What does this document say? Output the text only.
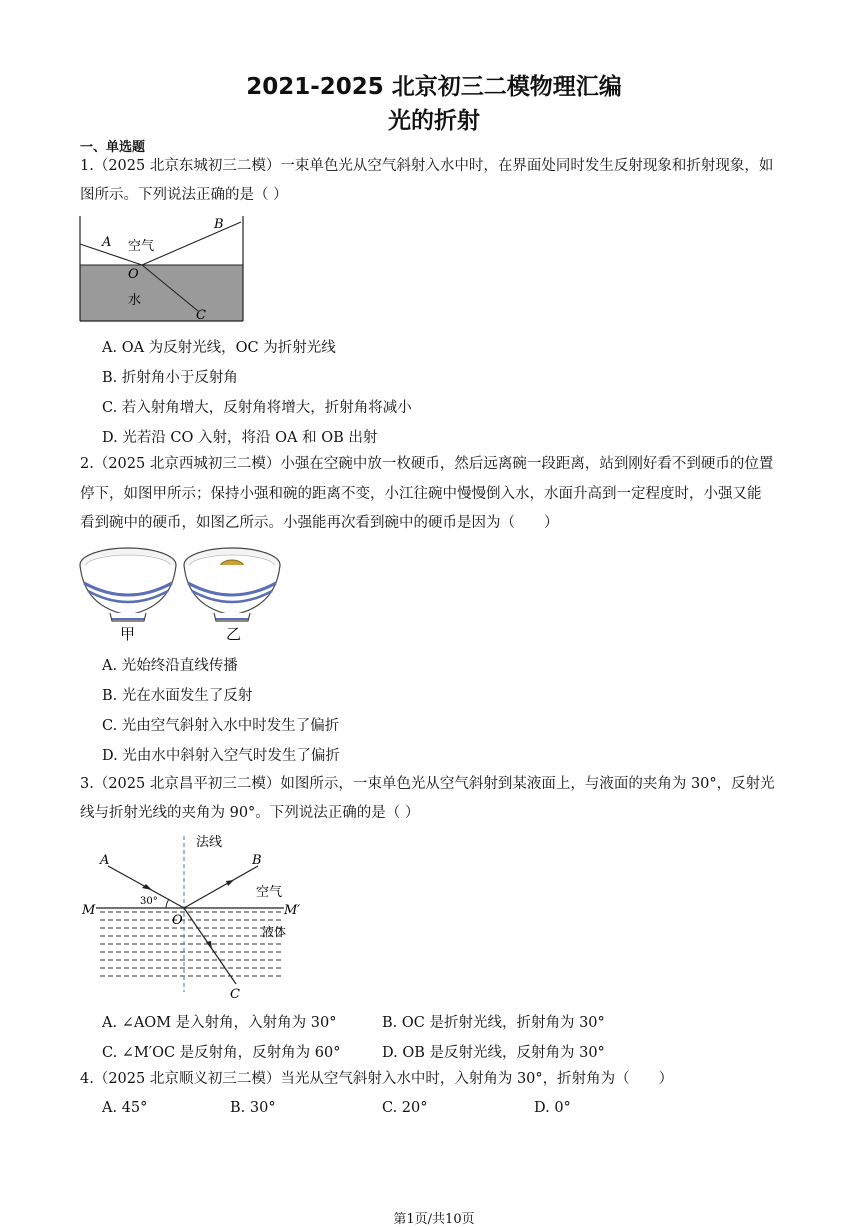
2021-2025 北京初三二模物理汇编
光的折射
一、单选题
1.（2025 北京东城初三二模）一束单色光从空气斜射入水中时，在界面处同时发生反射现象和折射现象，如
图所示。下列说法正确的是（ ）
A
B
O
C
空气
水
A. OA 为反射光线，OC 为折射光线
B. 折射角小于反射角
C. 若入射角增大，反射角将增大，折射角将减小
D. 光若沿 CO 入射，将沿 OA 和 OB 出射
2.（2025 北京西城初三二模）小强在空碗中放一枚硬币，然后远离碗一段距离，站到刚好看不到硬币的位置
停下，如图甲所示；保持小强和碗的距离不变，小江往碗中慢慢倒入水，水面升高到一定程度时，小强又能
看到碗中的硬币，如图乙所示。小强能再次看到碗中的硬币是因为（　　）
甲	乙
A. 光始终沿直线传播
B. 光在水面发生了反射
C. 光由空气斜射入水中时发生了偏折
D. 光由水中斜射入空气时发生了偏折
3.（2025 北京昌平初三二模）如图所示，一束单色光从空气斜射到某液面上，与液面的夹角为 30°，反射光
线与折射光线的夹角为 90°。下列说法正确的是（ ）
法线
A	B
M	M′
O
C
空气
液体
30°
A. ∠AOM 是入射角，入射角为 30°	B. OC 是折射光线，折射角为 30°
C. ∠M′OC 是反射角，反射角为 60°	D. OB 是反射光线，反射角为 30°
4.（2025 北京顺义初三二模）当光从空气斜射入水中时，入射角为 30°，折射角为（　　）
A. 45°	B. 30°	C. 20°	D. 0°
第1页/共10页
